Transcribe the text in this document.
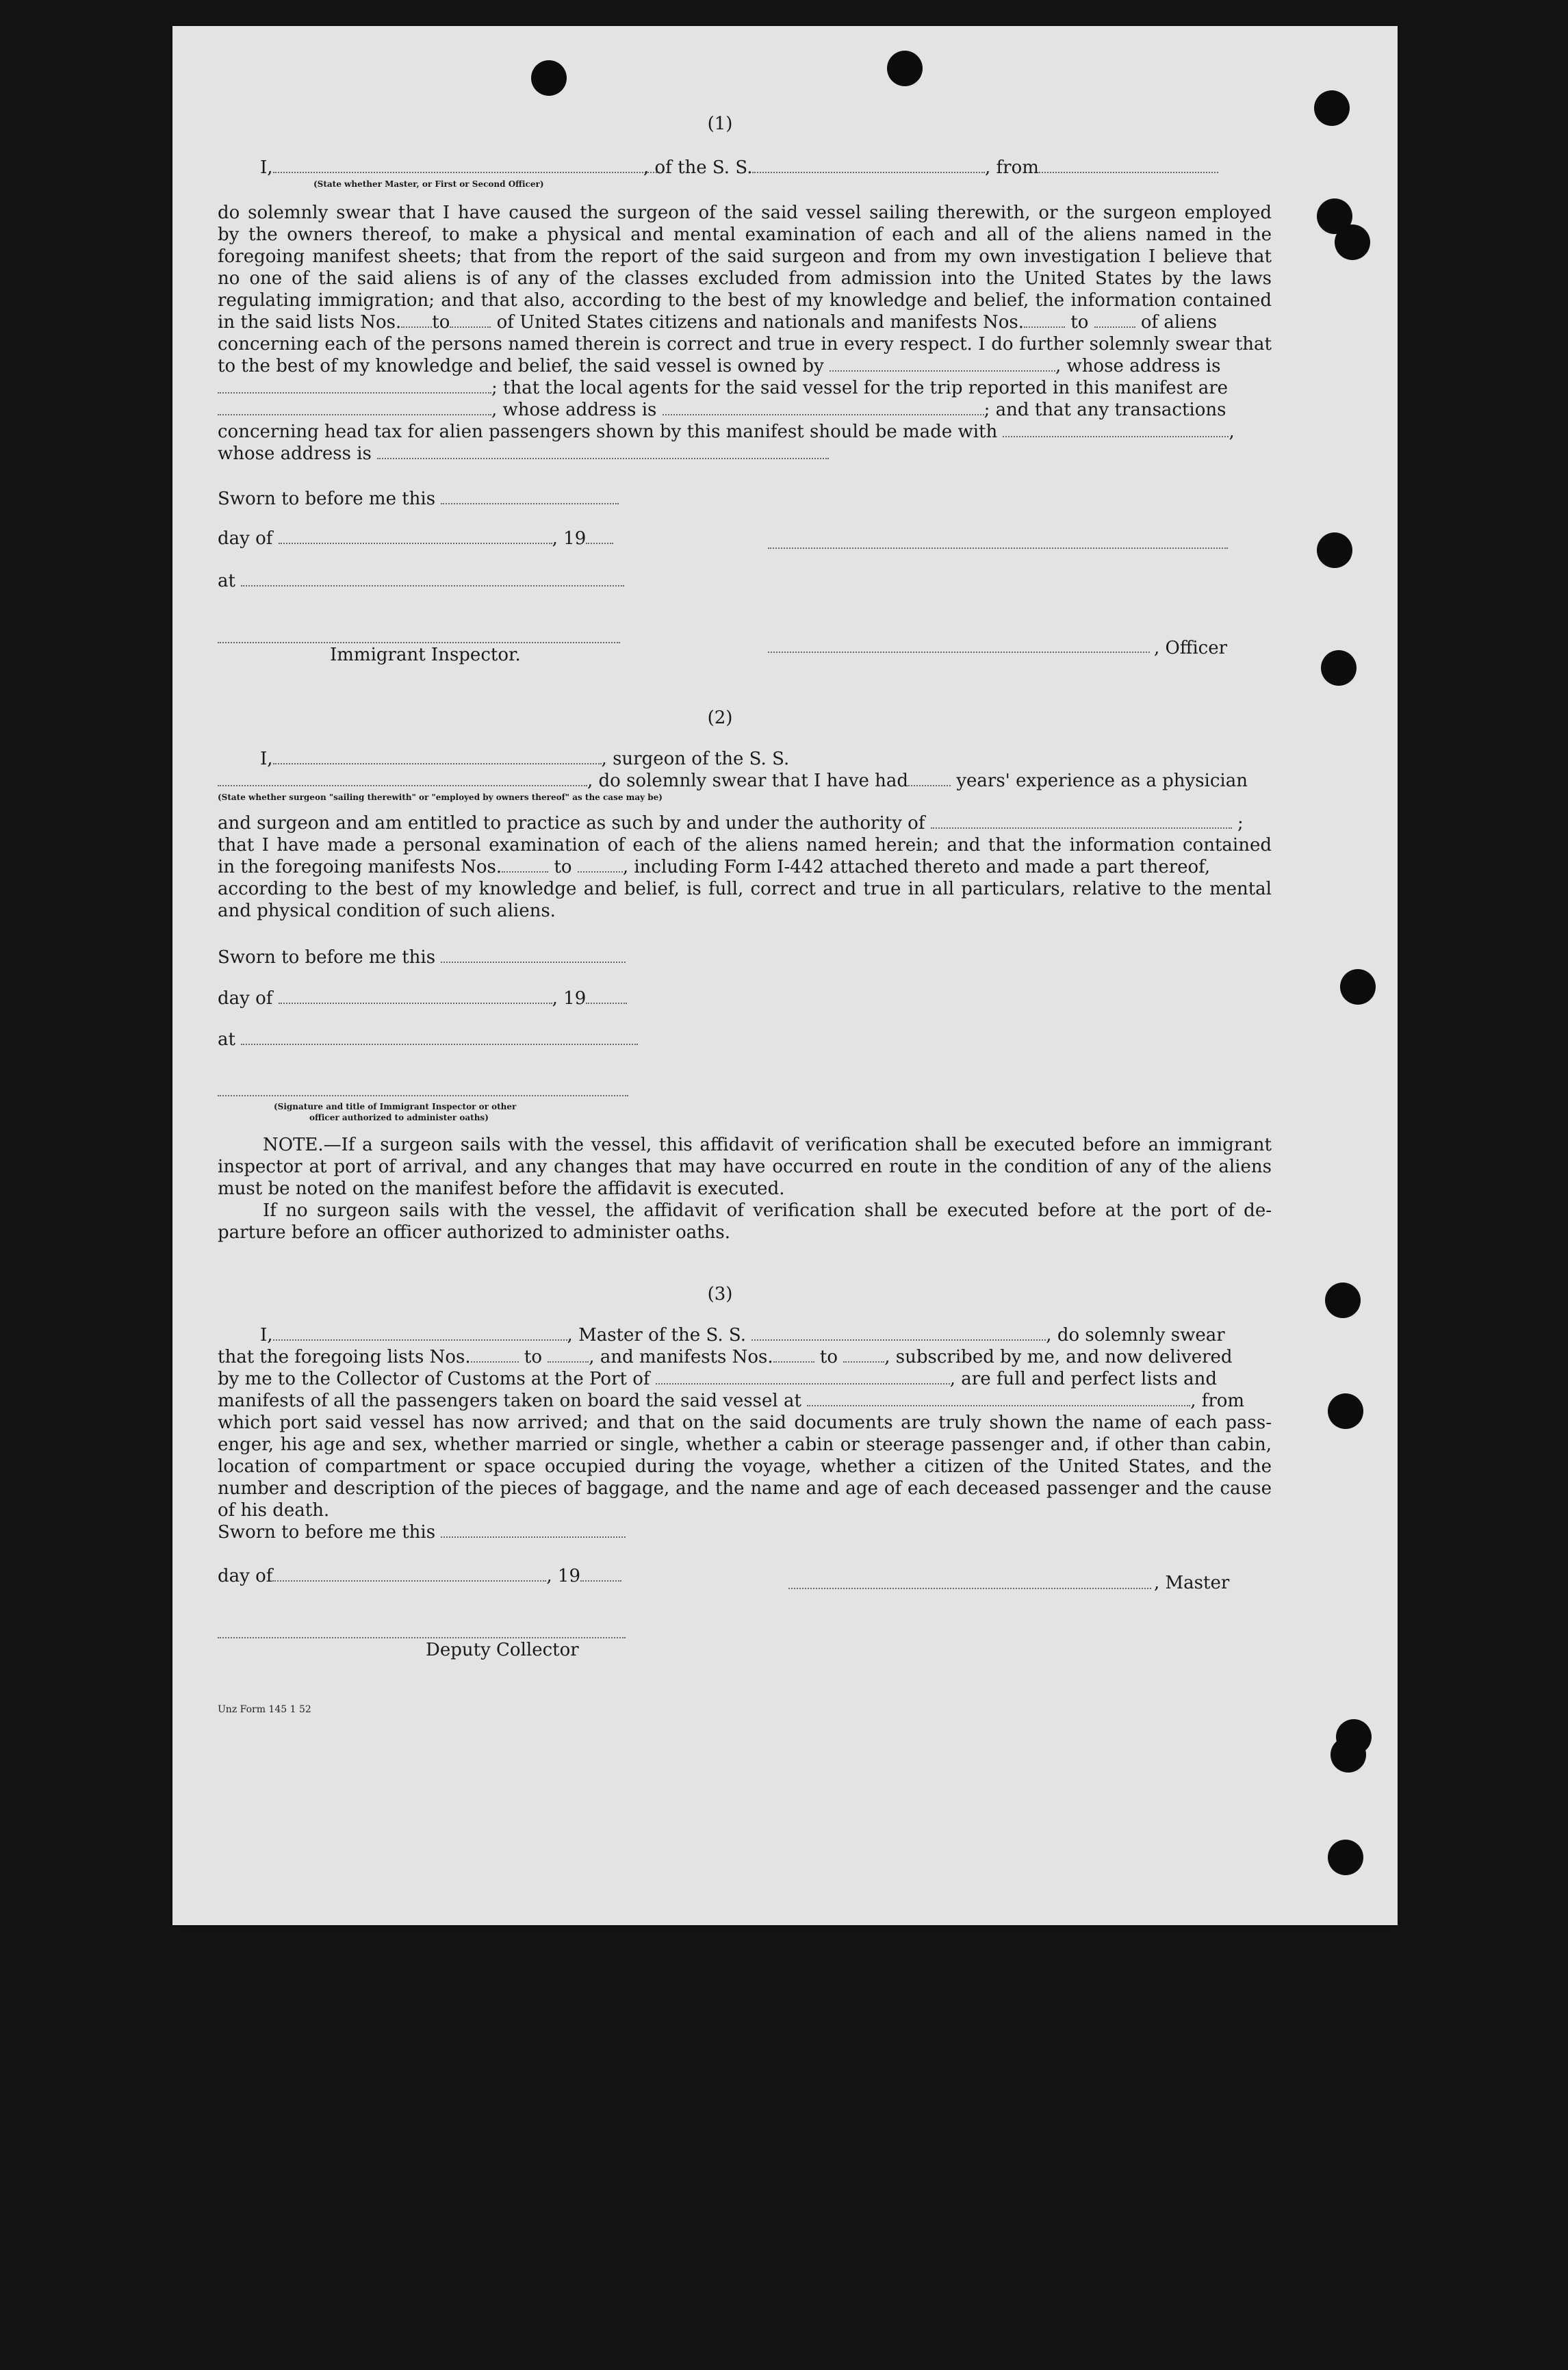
(1)
I,	, of the S. S.	, from
(State whether Master, or First or Second Officer)
do solemnly swear that I have caused the surgeon of the said vessel sailing therewith, or the surgeon employed
by the owners thereof, to make a physical and mental examination of each and all of the aliens named in the
foregoing manifest sheets; that from the report of the said surgeon and from my own investigation I believe that
no one of the said aliens is of any of the classes excluded from admission into the United States by the laws
regulating immigration; and that also, according to the best of my knowledge and belief, the information contained
in the said lists Nos. to	of United States citizens and nationals and manifests Nos.	to	of aliens
concerning each of the persons named therein is correct and true in every respect. I do further solemnly swear that
to the best of my knowledge and belief, the said vessel is owned by	, whose address is
; that the local agents for the said vessel for the trip reported in this manifest are
, whose address is	; and that any transactions
concerning head tax for alien passengers shown by this manifest should be made with	,
whose address is
Sworn to before me this
day of	, 19
at
Immigrant Inspector.	, Officer
(2)
I,	, surgeon of the S. S.
, do solemnly swear that I have had	years' experience as a physician
(State whether surgeon "sailing therewith" or "employed by owners thereof" as the case may be)
and surgeon and am entitled to practice as such by and under the authority of	;
that I have made a personal examination of each of the aliens named herein; and that the information contained
in the foregoing manifests Nos.	to	, including Form I-442 attached thereto and made a part thereof,
according to the best of my knowledge and belief, is full, correct and true in all particulars, relative to the mental
and physical condition of such aliens.
Sworn to before me this
day of	, 19
at
(Signature and title of Immigrant Inspector or other
officer authorized to administer oaths)
NOTE.—If a surgeon sails with the vessel, this affidavit of verification shall be executed before an immigrant
inspector at port of arrival, and any changes that may have occurred en route in the condition of any of the aliens
must be noted on the manifest before the affidavit is executed.
If no surgeon sails with the vessel, the affidavit of verification shall be executed before at the port of de-
parture before an officer authorized to administer oaths.
(3)
I,	, Master of the S. S.	, do solemnly swear
that the foregoing lists Nos.	to	, and manifests Nos.	to	, subscribed by me, and now delivered
by me to the Collector of Customs at the Port of	, are full and perfect lists and
manifests of all the passengers taken on board the said vessel at	, from
which port said vessel has now arrived; and that on the said documents are truly shown the name of each pass-
enger, his age and sex, whether married or single, whether a cabin or steerage passenger and, if other than cabin,
location of compartment or space occupied during the voyage, whether a citizen of the United States, and the
number and description of the pieces of baggage, and the name and age of each deceased passenger and the cause
of his death.
Sworn to before me this
day of	, 19	, Master
Deputy Collector
Unz Form 145 1 52
